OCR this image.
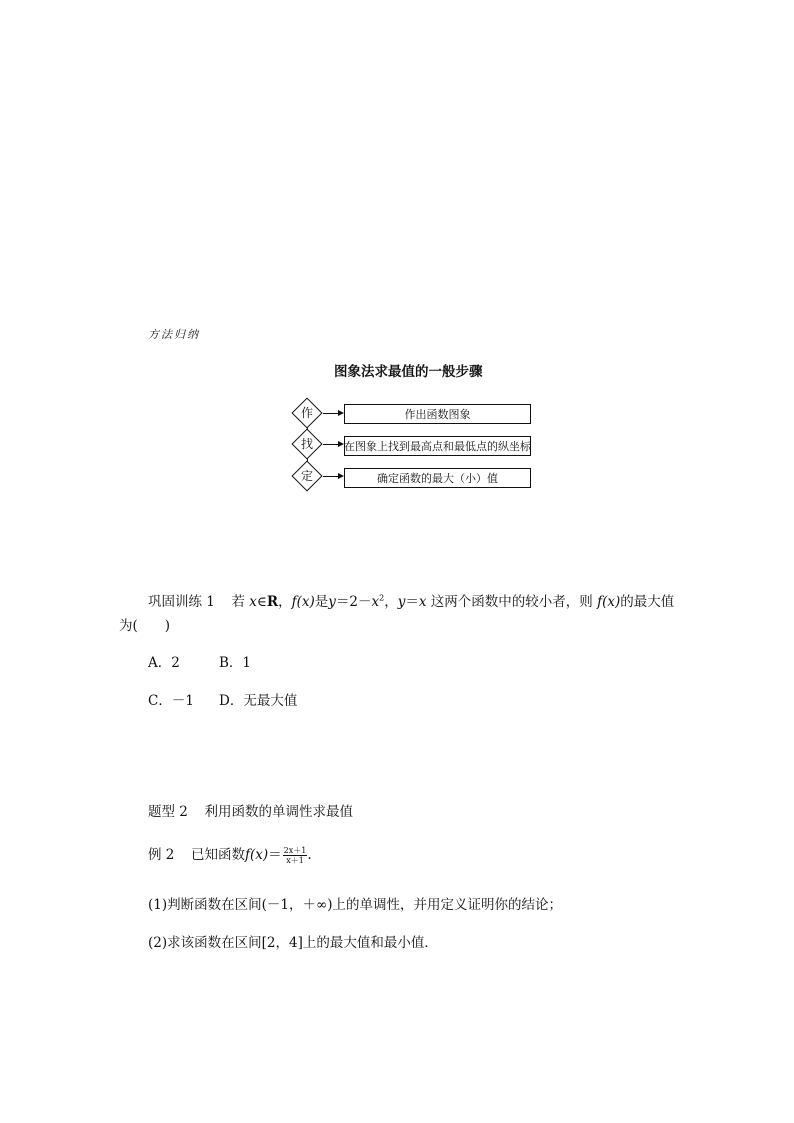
方法归纳
图象法求最值的一般步骤
作	作出函数图象
找	在图象上找到最高点和最低点的纵坐标
定	确定函数的最大（小）值
巩固训练 1 若 x∈R，f(x)是$y=2-x^2$，y＝x 这两个函数中的较小者，则 f(x)的最大值
为(　　)
A．2	B．1
C．－1 D．无最大值
题型 2 利用函数的单调性求最值
例 2 已知函数$f(x)= \frac{2x+1}{x+1}$ .
(1)判断函数在区间(－1，＋∞)上的单调性，并用定义证明你的结论；
(2)求该函数在区间[2，4]上的最大值和最小值．
